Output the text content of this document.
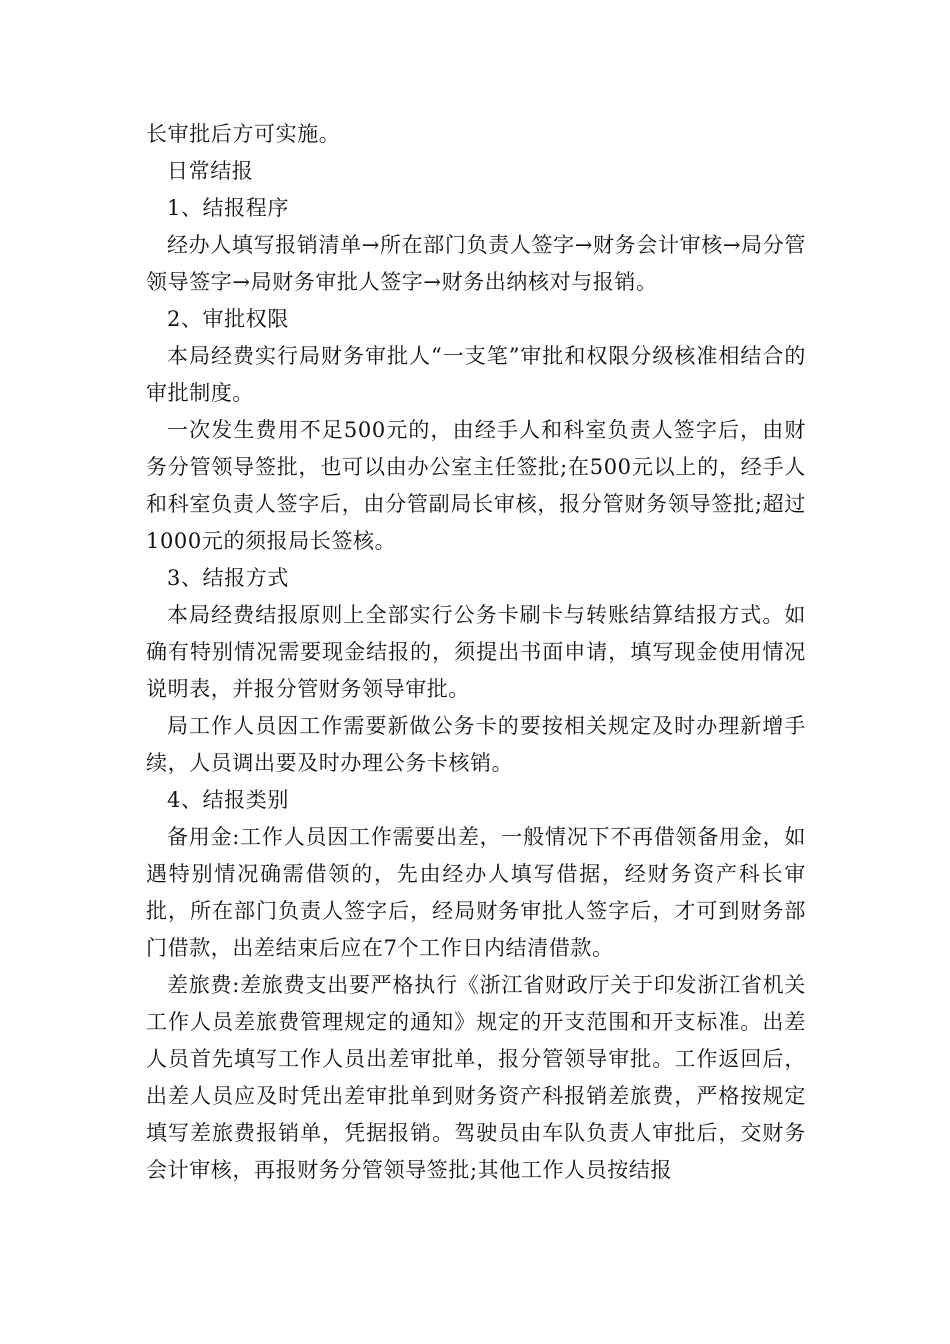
长审批后方可实施。

日常结报

1、结报程序

经办人填写报销清单→所在部门负责人签字→财务会计审核→局分管领导签字→局财务审批人签字→财务出纳核对与报销。

2、审批权限

本局经费实行局财务审批人“一支笔”审批和权限分级核准相结合的审批制度。

一次发生费用不足500元的，由经手人和科室负责人签字后，由财务分管领导签批，也可以由办公室主任签批;在500元以上的，经手人和科室负责人签字后，由分管副局长审核，报分管财务领导签批;超过1000元的须报局长签核。

3、结报方式

本局经费结报原则上全部实行公务卡刷卡与转账结算结报方式。如确有特别情况需要现金结报的，须提出书面申请，填写现金使用情况说明表，并报分管财务领导审批。

局工作人员因工作需要新做公务卡的要按相关规定及时办理新增手续，人员调出要及时办理公务卡核销。

4、结报类别

备用金:工作人员因工作需要出差，一般情况下不再借领备用金，如遇特别情况确需借领的，先由经办人填写借据，经财务资产科长审批，所在部门负责人签字后，经局财务审批人签字后，才可到财务部门借款，出差结束后应在7个工作日内结清借款。

差旅费:差旅费支出要严格执行《浙江省财政厅关于印发浙江省机关工作人员差旅费管理规定的通知》规定的开支范围和开支标准。出差人员首先填写工作人员出差审批单，报分管领导审批。工作返回后，出差人员应及时凭出差审批单到财务资产科报销差旅费，严格按规定填写差旅费报销单，凭据报销。驾驶员由车队负责人审批后，交财务会计审核，再报财务分管领导签批;其他工作人员按结报
